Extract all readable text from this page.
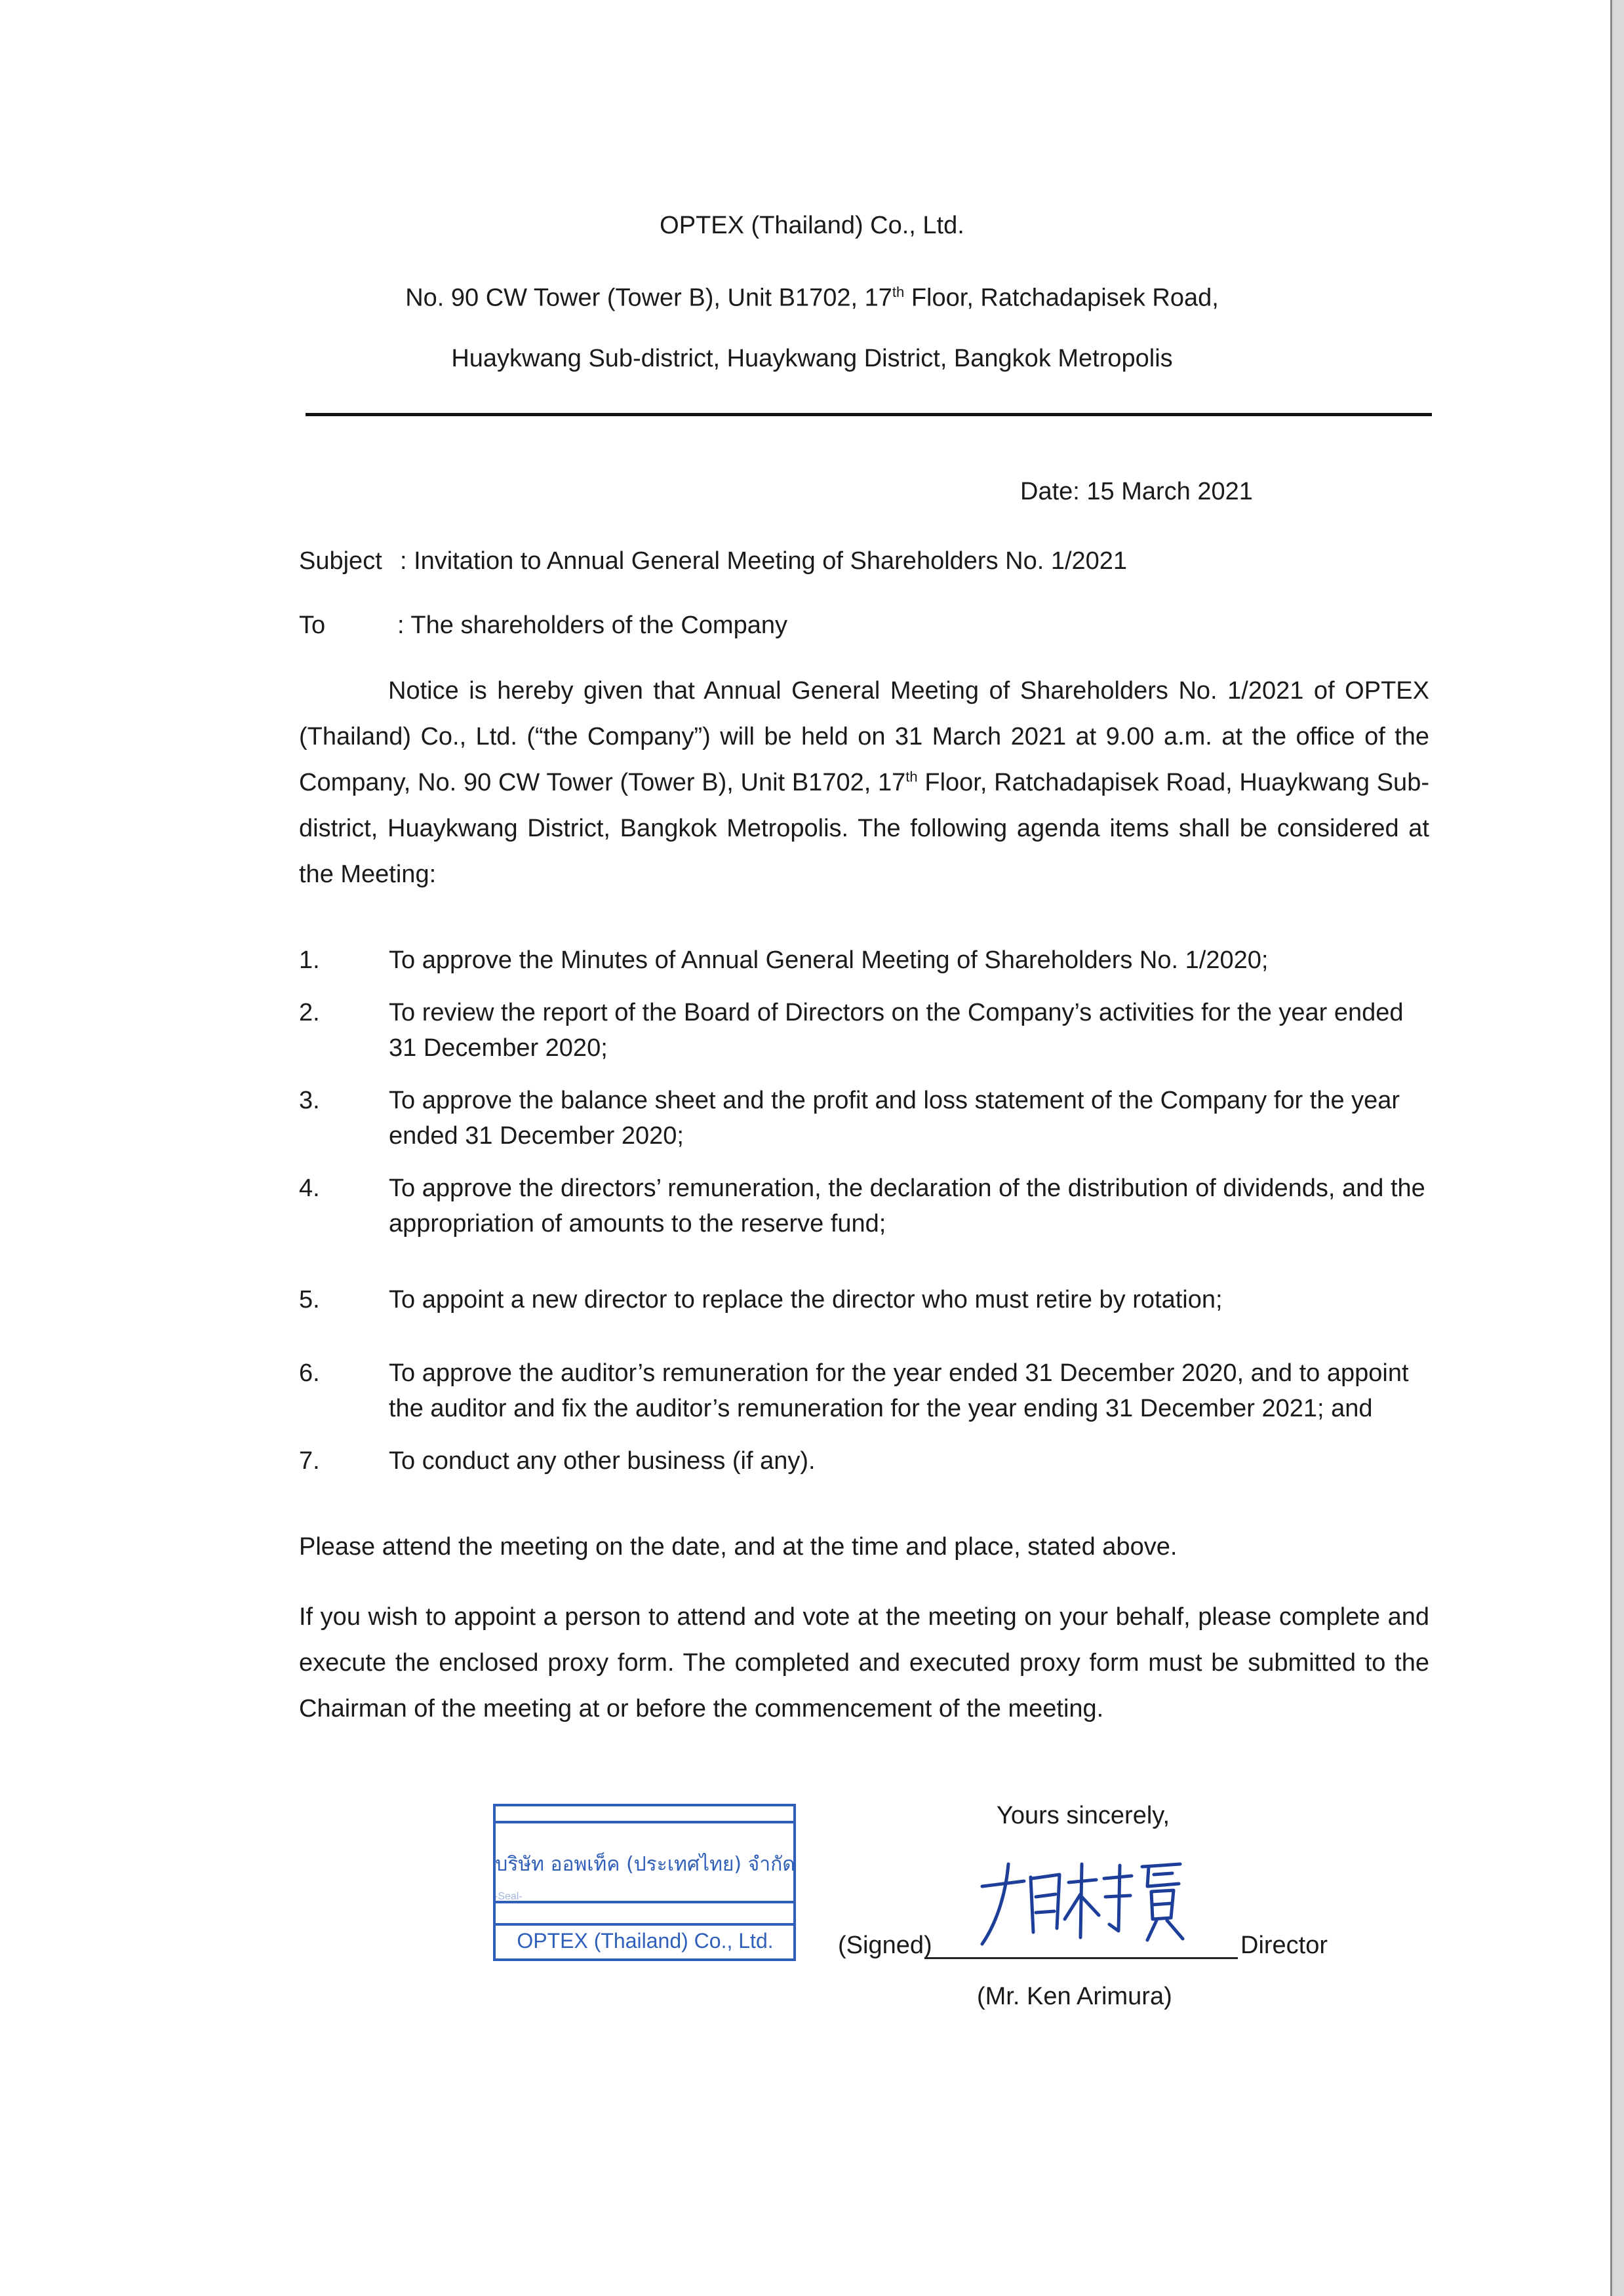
OPTEX (Thailand) Co., Ltd.
No. 90 CW Tower (Tower B), Unit B1702, 17th Floor, Ratchadapisek Road,
Huaykwang Sub-district, Huaykwang District, Bangkok Metropolis
Date: 15 March 2021
Subject : Invitation to Annual General Meeting of Shareholders No. 1/2021
To	: The shareholders of the Company

Notice is hereby given that Annual General Meeting of Shareholders No. 1/2021 of OPTEX (Thailand) Co., Ltd. (“the Company”) will be held on 31 March 2021 at 9.00 a.m. at the office of the Company, No. 90 CW Tower (Tower B), Unit B1702, 17th Floor, Ratchadapisek Road, Huaykwang Sub-district, Huaykwang District, Bangkok Metropolis. The following agenda items shall be considered at the Meeting:

1.	To approve the Minutes of Annual General Meeting of Shareholders No. 1/2020;
2.	To review the report of the Board of Directors on the Company’s activities for the year ended 31 December 2020;
3.	To approve the balance sheet and the profit and loss statement of the Company for the year ended 31 December 2020;
4.	To approve the directors’ remuneration, the declaration of the distribution of dividends, and the appropriation of amounts to the reserve fund;
5.	To appoint a new director to replace the director who must retire by rotation;
6.	To approve the auditor’s remuneration for the year ended 31 December 2020, and to appoint the auditor and fix the auditor’s remuneration for the year ending 31 December 2021; and
7.	To conduct any other business (if any).
Please attend the meeting on the date, and at the time and place, stated above.

If you wish to appoint a person to attend and vote at the meeting on your behalf, please complete and execute the enclosed proxy form. The completed and executed proxy form must be submitted to the Chairman of the meeting at or before the commencement of the meeting.

บริษัท ออพเท็ค (ประเทศไทย) จำกัด
-Seal-
OPTEX (Thailand) Co., Ltd.
Yours sincerely,
(Signed)	Director
(Mr. Ken Arimura)
